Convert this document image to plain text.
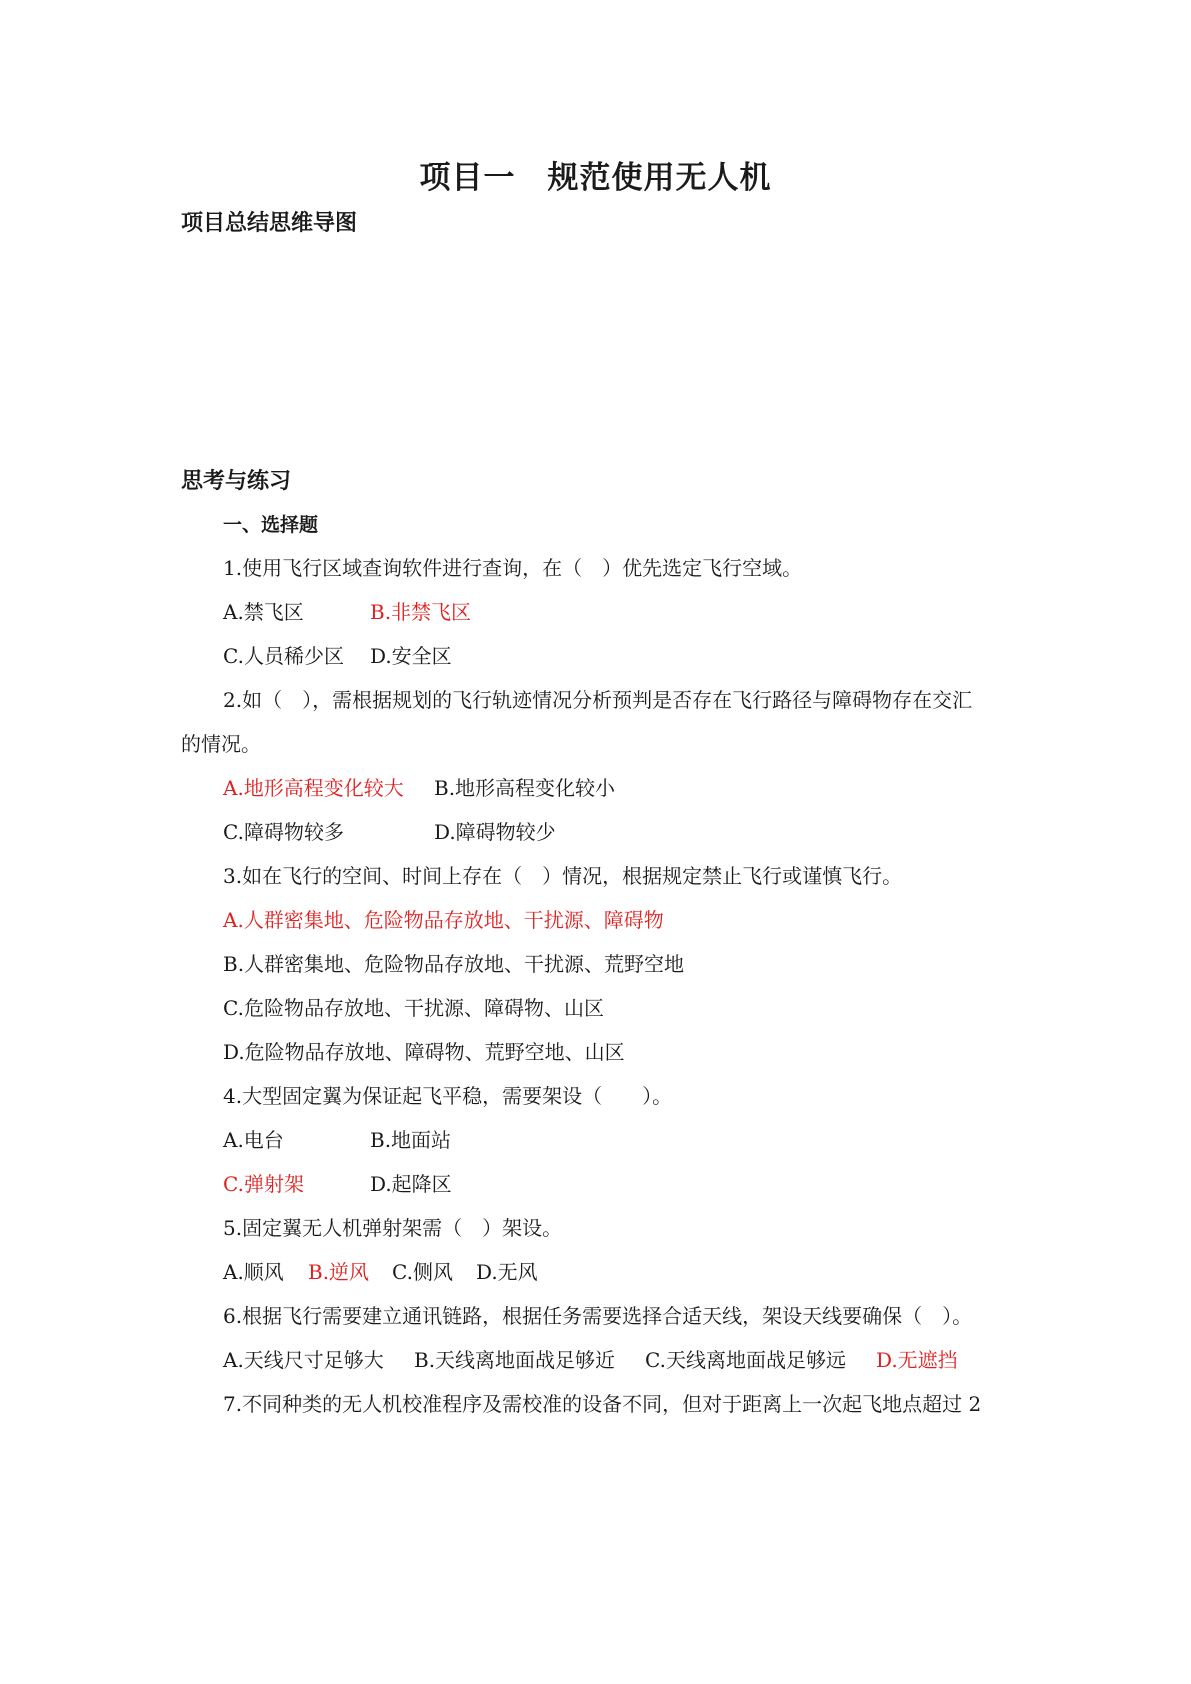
项目一　规范使用无人机
项目总结思维导图
思考与练习
一、选择题
1.使用飞行区域查询软件进行查询，在（　）优先选定飞行空域。
A.禁飞区	B.非禁飞区
C.人员稀少区 D.安全区
2.如（　），需根据规划的飞行轨迹情况分析预判是否存在飞行路径与障碍物存在交汇
的情况。
A.地形高程变化较大 B.地形高程变化较小
C.障碍物较多	D.障碍物较少
3.如在飞行的空间、时间上存在（　）情况，根据规定禁止飞行或谨慎飞行。
A.人群密集地、危险物品存放地、干扰源、障碍物
B.人群密集地、危险物品存放地、干扰源、荒野空地
C.危险物品存放地、干扰源、障碍物、山区
D.危险物品存放地、障碍物、荒野空地、山区
4.大型固定翼为保证起飞平稳，需要架设（　　）。
A.电台	B.地面站
C.弹射架	D.起降区
5.固定翼无人机弹射架需（　）架设。
A.顺风 B.逆风 C.侧风 D.无风
6.根据飞行需要建立通讯链路，根据任务需要选择合适天线，架设天线要确保（　）。
A.天线尺寸足够大 B.天线离地面战足够近 C.天线离地面战足够远 D.无遮挡
7.不同种类的无人机校准程序及需校准的设备不同，但对于距离上一次起飞地点超过 2
